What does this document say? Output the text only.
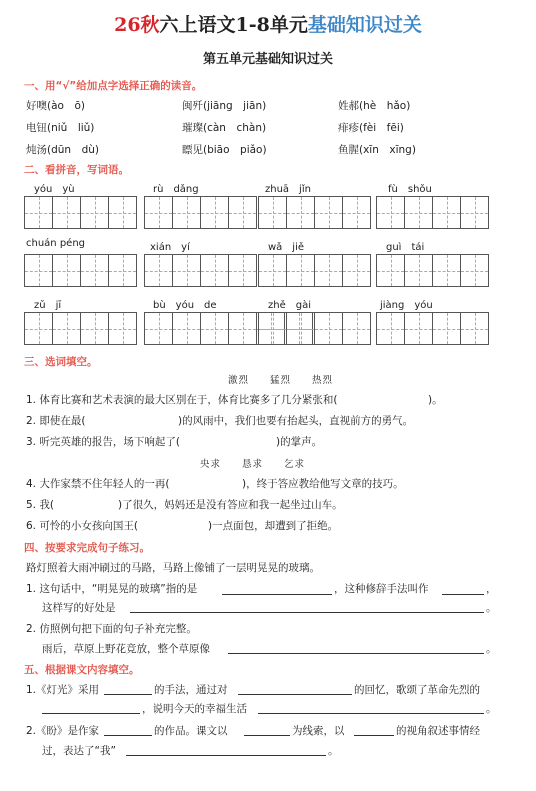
26秋六上语文1-8单元基础知识过关
第五单元基础知识过关
一、用“√”给加点字选择正确的读音。
好噢(ào　ō)	闽歼(jiāng　jiān)	姓郝(hè　hǎo)
电钮(niǔ　liǔ)	璀璨(càn　chàn)	痱疹(fèi　fēi)
炖汤(dūn　dù)	瞟见(biāo　piǎo)	鱼腥(xīn　xīng)
二、看拼音，写词语。
yóu　yù	rù　dǎng	zhuā　jǐn	fù　shǒu
chuán péng	xián　yí	wǎ　jiě	guì　tái
zǔ　jī	bù　yóu　de	zhě　gài	jiàng　yóu
三、选词填空。
激烈　　猛烈　　热烈
1. 体育比赛和艺术表演的最大区别在于，体育比赛多了几分紧张和(	)。
2. 即使在最(	)的风雨中，我们也要有抬起头，直视前方的勇气。
3. 听完英雄的报告，场下响起了(	)的掌声。
央求　　恳求　　乞求
4. 大作家禁不住年轻人的一再(	)，终于答应教给他写文章的技巧。
5. 我(	)了很久，妈妈还是没有答应和我一起坐过山车。
6. 可怜的小女孩向国王(	)一点面包，却遭到了拒绝。
四、按要求完成句子练习。
路灯照着大雨冲刷过的马路，马路上像铺了一层明晃晃的玻璃。
1. 这句话中，“明晃晃的玻璃”指的是	，这种修辞手法叫作	，
这样写的好处是	。
2. 仿照例句把下面的句子补充完整。
雨后，草原上野花竞放，整个草原像	。
五、根据课文内容填空。
1.《灯光》采用	的手法，通过对	的回忆，歌颂了革命先烈的
，说明今天的幸福生活	。
2.《盼》是作家	的作品。课文以	为线索，以	的视角叙述事情经
过，表达了“我”	。
